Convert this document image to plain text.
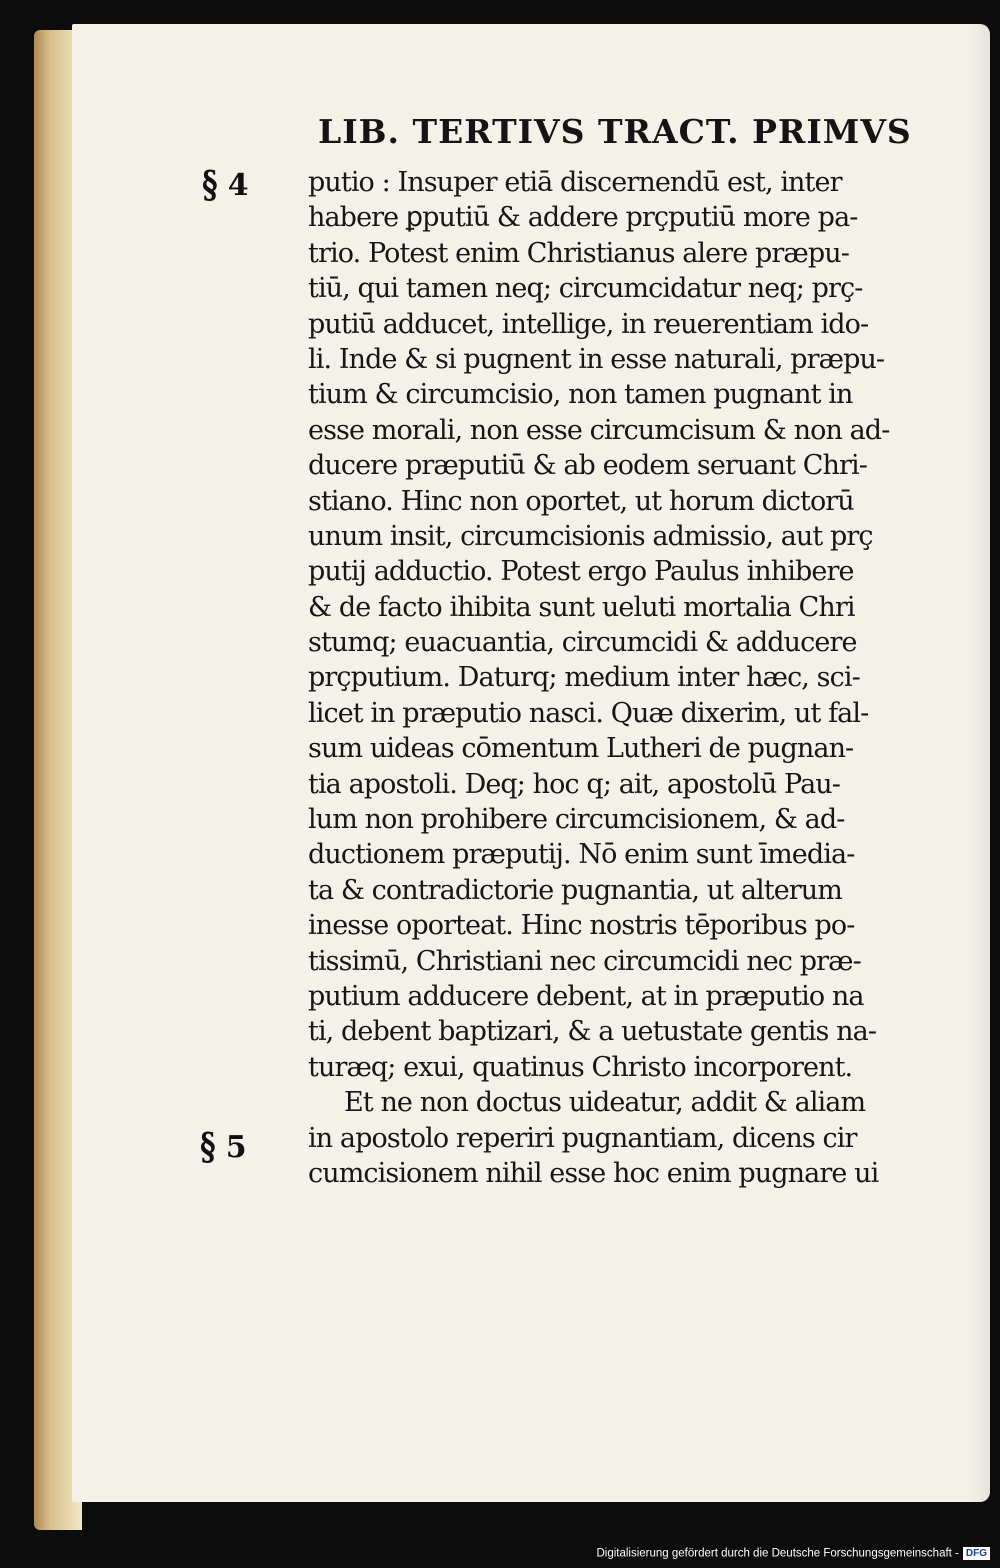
LIB. TERTIVS TRACT. PRIMVS
§ 4
§ 5
putio : Insuper etiā discernendū est, inter
habere ꝑputiū & addere prçputiū more pa-
trio. Potest enim Christianus alere præpu-
tiū, qui tamen neq; circumcidatur neq; prç-
putiū adducet, intellige, in reuerentiam ido-
li. Inde & si pugnent in esse naturali, præpu-
tium & circumcisio, non tamen pugnant in
esse morali, non esse circumcisum & non ad-
ducere præputiū & ab eodem seruant Chri-
stiano. Hinc non oportet, ut horum dictorū
unum insit, circumcisionis admissio, aut prç
putij adductio. Potest ergo Paulus inhibere
& de facto ihibita sunt ueluti mortalia Chri
stumq; euacuantia, circumcidi & adducere
prçputium. Daturq; medium inter hæc, sci-
licet in præputio nasci. Quæ dixerim, ut fal-
sum uideas cōmentum Lutheri de pugnan-
tia apostoli. Deq; hoc q; ait, apostolū Pau-
lum non prohibere circumcisionem, & ad-
ductionem præputij. Nō enim sunt īmedia-
ta & contradictorie pugnantia, ut alterum
inesse oporteat. Hinc nostris tēporibus po-
tissimū, Christiani nec circumcidi nec præ-
putium adducere debent, at in præputio na
ti, debent baptizari, & a uetustate gentis na-
turæq; exui, quatinus Christo incorporent.
Et ne non doctus uideatur, addit & aliam
in apostolo reperiri pugnantiam, dicens cir
cumcisionem nihil esse hoc enim pugnare ui
Digitalisierung gefördert durch die Deutsche Forschungsgemeinschaft - DFG
